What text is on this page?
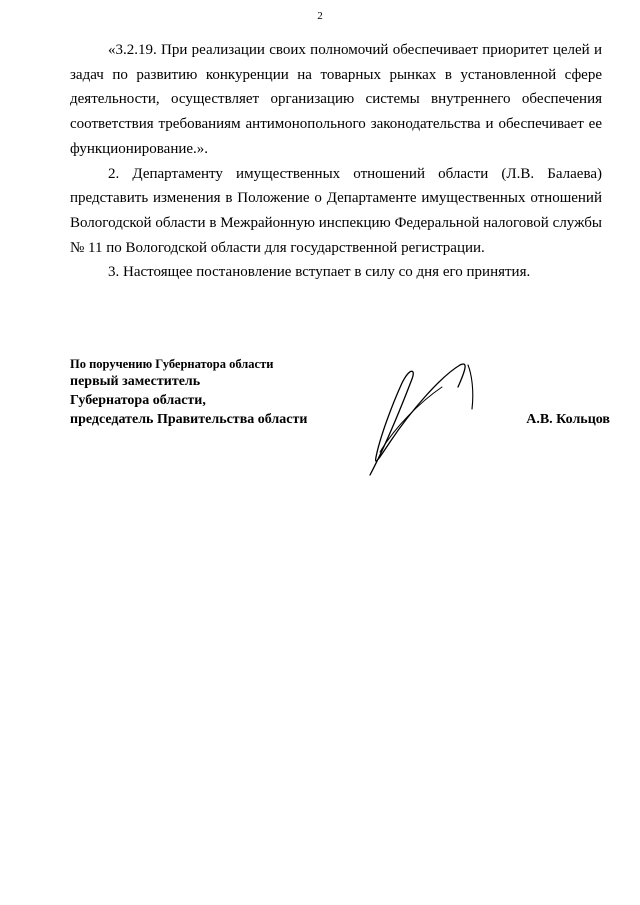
2

«3.2.19. При реализации своих полномочий обеспечивает приоритет целей и задач по развитию конкуренции на товарных рынках в установленной сфере деятельности, осуществляет организацию системы внутреннего обеспечения соответствия требованиям антимонопольного законодательства и обеспечивает ее функционирование.».

2. Департаменту имущественных отношений области (Л.В. Балаева) представить изменения в Положение о Департаменте имущественных отношений Вологодской области в Межрайонную инспекцию Федеральной налоговой службы № 11 по Вологодской области для государственной регистрации.

3. Настоящее постановление вступает в силу со дня его принятия.

По поручению Губернатора области
первый заместитель
Губернатора области,
председатель Правительства области	А.В. Кольцов
